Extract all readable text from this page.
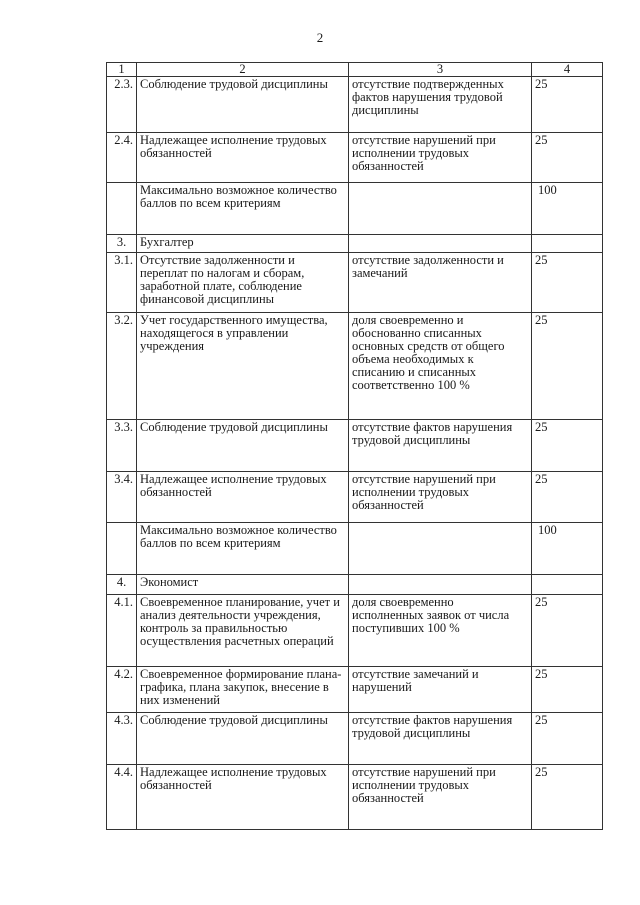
2
1	2	3	4
2.3.	Соблюдение трудовой дисциплины	отсутствие подтвержденных фактов нарушения трудовой дисциплины	25
2.4.	Надлежащее исполнение трудовых обязанностей	отсутствие нарушений при исполнении трудовых обязанностей	25
	Максимально возможное количество баллов по всем критериям		100
3.	Бухгалтер		
3.1.	Отсутствие задолженности и переплат по налогам и сборам, заработной плате, соблюдение финансовой дисциплины	отсутствие задолженности и замечаний	25
3.2.	Учет государственного имущества, находящегося в управлении учреждения	доля своевременно и обоснованно списанных основных средств от общего объема необходимых к списанию и списанных соответственно 100 %	25
3.3.	Соблюдение трудовой дисциплины	отсутствие фактов нарушения трудовой дисциплины	25
3.4.	Надлежащее исполнение трудовых обязанностей	отсутствие нарушений при исполнении трудовых обязанностей	25
	Максимально возможное количество баллов по всем критериям		100
4.	Экономист		
4.1.	Своевременное планирование, учет и анализ деятельности учреждения, контроль за правильностью осуществления расчетных операций	доля своевременно исполненных заявок от числа поступивших 100 %	25
4.2.	Своевременное формирование плана-графика, плана закупок, внесение в них изменений	отсутствие замечаний и нарушений	25
4.3.	Соблюдение трудовой дисциплины	отсутствие фактов нарушения трудовой дисциплины	25
4.4.	Надлежащее исполнение трудовых обязанностей	отсутствие нарушений при исполнении трудовых обязанностей	25
